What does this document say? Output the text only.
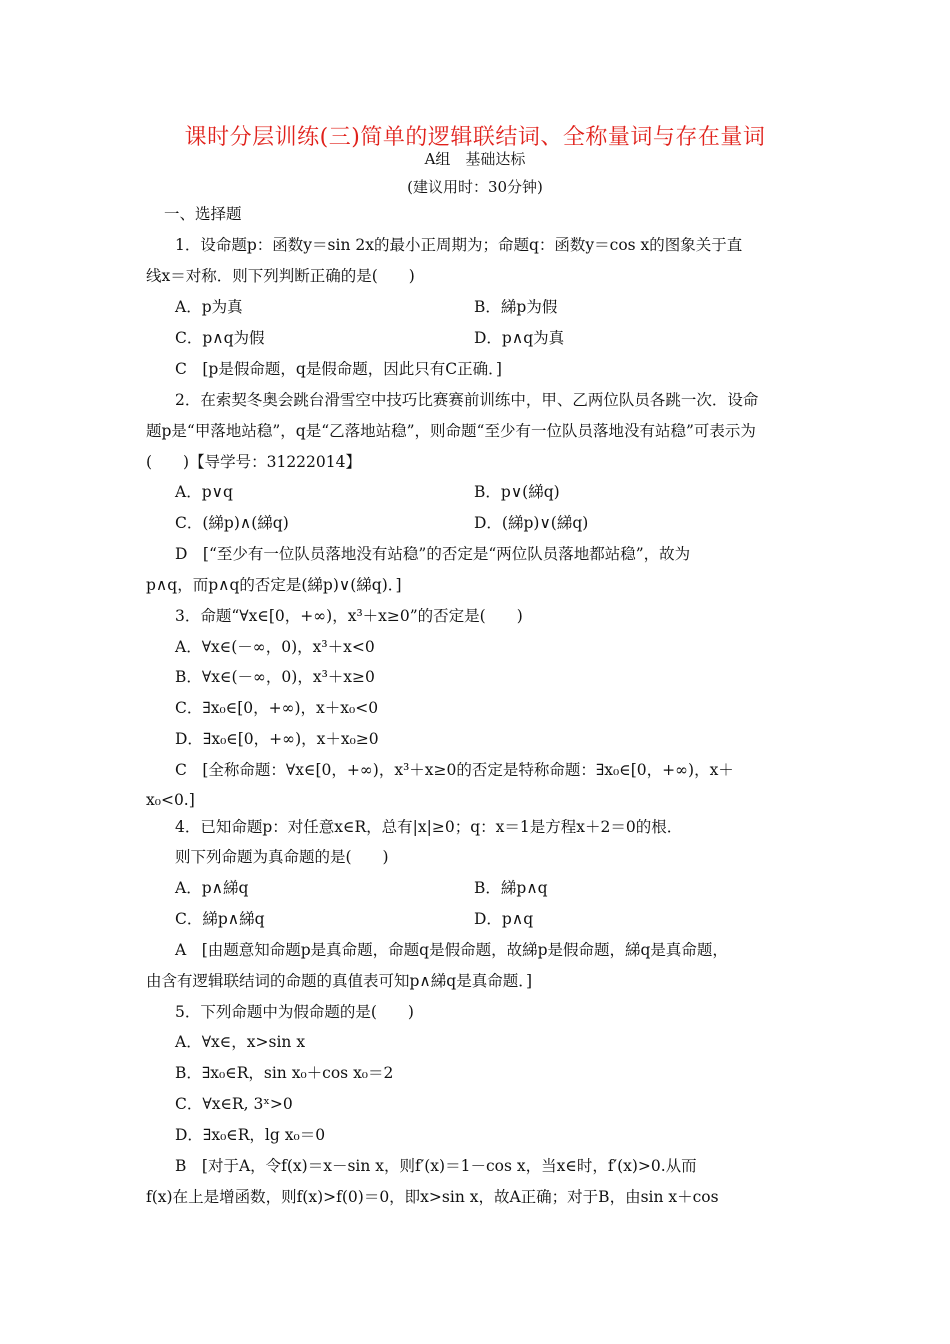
课时分层训练(三)简单的逻辑联结词、全称量词与存在量词
A组　基础达标
(建议用时：30分钟)
一、选择题
1．设命题p：函数y＝sin 2x的最小正周期为；命题q：函数y＝cos x的图象关于直
线x＝对称．则下列判断正确的是(　　)
A．p为真	B．綈p为假
C．p∧q为假	D．p∧q为真
C　[p是假命题，q是假命题，因此只有C正确．]
2．在索契冬奥会跳台滑雪空中技巧比赛赛前训练中，甲、乙两位队员各跳一次．设命
题p是“甲落地站稳”，q是“乙落地站稳”，则命题“至少有一位队员落地没有站稳”可表示为
(　　)【导学号：31222014】
A．p∨q	B．p∨(綈q)
C．(綈p)∧(綈q)	D．(綈p)∨(綈q)
D　[“至少有一位队员落地没有站稳”的否定是“两位队员落地都站稳”，故为
p∧q，而p∧q的否定是(綈p)∨(綈q)．]
3．命题“∀x∈[0，+∞)，x³＋x≥0”的否定是(　　)
A．∀x∈(－∞，0)，x³＋x<0
B．∀x∈(－∞，0)，x³＋x≥0
C．∃x₀∈[0，+∞)，x＋x₀<0
D．∃x₀∈[0，+∞)，x＋x₀≥0
C　[全称命题：∀x∈[0，+∞)，x³＋x≥0的否定是特称命题：∃x₀∈[0，+∞)，x＋
x₀<0.]
4．已知命题p：对任意x∈R，总有|x|≥0；q：x＝1是方程x＋2＝0的根．
则下列命题为真命题的是(　　)
A．p∧綈q	B．綈p∧q
C．綈p∧綈q	D．p∧q
A　[由题意知命题p是真命题，命题q是假命题，故綈p是假命题，綈q是真命题，
由含有逻辑联结词的命题的真值表可知p∧綈q是真命题．]
5．下列命题中为假命题的是(　　)
A．∀x∈，x>sin x
B．∃x₀∈R，sin x₀＋cos x₀＝2
C．∀x∈R, 3ˣ>0
D．∃x₀∈R，lg x₀＝0
B　[对于A，令f(x)＝x－sin x，则f′(x)＝1－cos x，当x∈时，f′(x)>0.从而
f(x)在上是增函数，则f(x)>f(0)＝0，即x>sin x，故A正确；对于B，由sin x＋cos
